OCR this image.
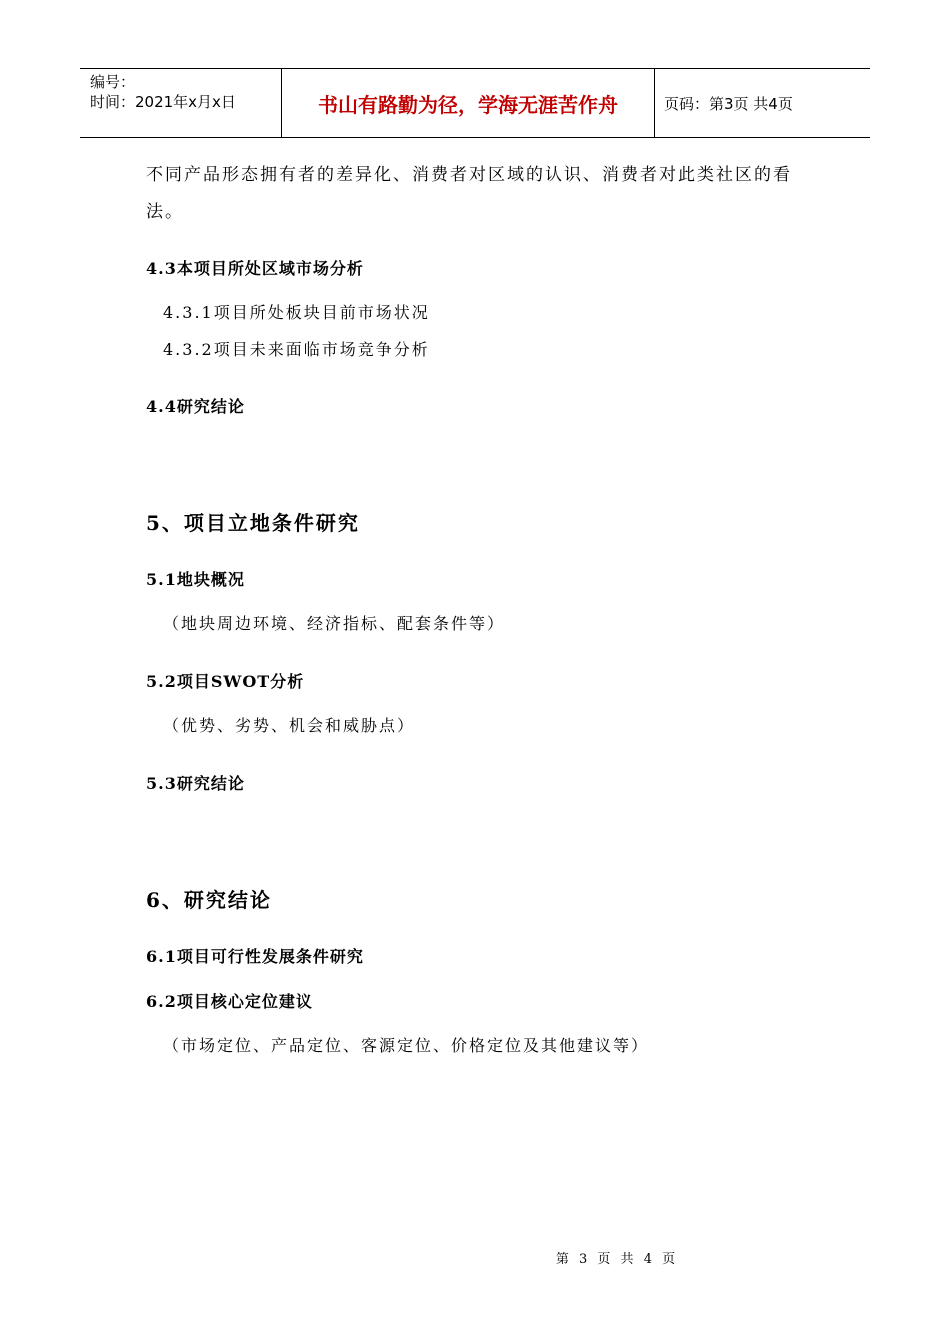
编号：
时间：2021年x月x日	书山有路勤为径，学海无涯苦作舟	页码：第3页 共4页
不同产品形态拥有者的差异化、消费者对区域的认识、消费者对此类社区的看
法。
4.3本项目所处区域市场分析
4.3.1项目所处板块目前市场状况
4.3.2项目未来面临市场竞争分析
4.4研究结论
5、项目立地条件研究
5.1地块概况
（地块周边环境、经济指标、配套条件等）
5.2项目SWOT分析
（优势、劣势、机会和威胁点）
5.3研究结论
6、研究结论
6.1项目可行性发展条件研究
6.2项目核心定位建议
（市场定位、产品定位、客源定位、价格定位及其他建议等）
第 3 页 共 4 页
